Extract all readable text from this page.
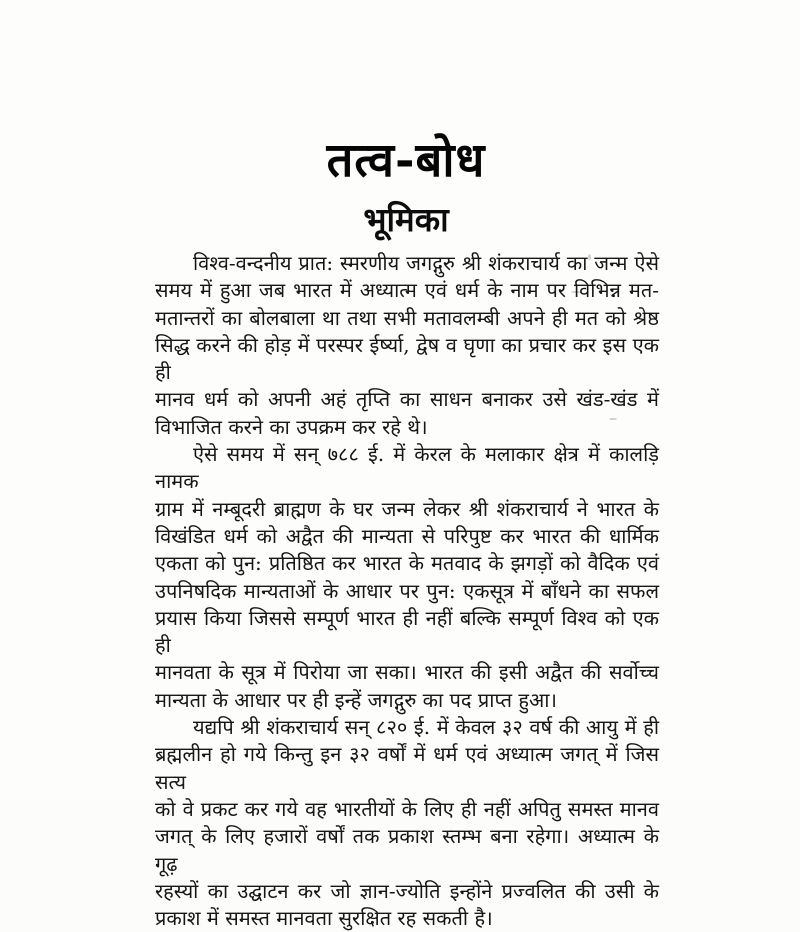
तत्व-बोध
भूमिका
विश्व-वन्दनीय प्रात: स्मरणीय जगद्गुरु श्री शंकराचार्य का जन्म ऐसे
समय में हुआ जब भारत में अध्यात्म एवं धर्म के नाम पर विभिन्न मत-
मतान्तरों का बोलबाला था तथा सभी मतावलम्बी अपने ही मत को श्रेष्ठ
सिद्ध करने की होड़ में परस्पर ईर्ष्या, द्वेष व घृणा का प्रचार कर इस एक ही
मानव धर्म को अपनी अहं तृप्ति का साधन बनाकर उसे खंड-खंड में
विभाजित करने का उपक्रम कर रहे थे।
ऐसे समय में सन् ७८८ ई. में केरल के मलाकार क्षेत्र में कालड़ि नामक
ग्राम में नम्बूदरी ब्राह्मण के घर जन्म लेकर श्री शंकराचार्य ने भारत के
विखंडित धर्म को अद्वैत की मान्यता से परिपुष्ट कर भारत की धार्मिक
एकता को पुन: प्रतिष्ठित कर भारत के मतवाद के झगड़ों को वैदिक एवं
उपनिषदिक मान्यताओं के आधार पर पुन: एकसूत्र में बाँधने का सफल
प्रयास किया जिससे सम्पूर्ण भारत ही नहीं बल्कि सम्पूर्ण विश्व को एक ही
मानवता के सूत्र में पिरोया जा सका। भारत की इसी अद्वैत की सर्वोच्च
मान्यता के आधार पर ही इन्हें जगद्गुरु का पद प्राप्त हुआ।
यद्यपि श्री शंकराचार्य सन् ८२० ई. में केवल ३२ वर्ष की आयु में ही
ब्रह्मलीन हो गये किन्तु इन ३२ वर्षों में धर्म एवं अध्यात्म जगत् में जिस सत्य
को वे प्रकट कर गये वह भारतीयों के लिए ही नहीं अपितु समस्त मानव
जगत् के लिए हजारों वर्षों तक प्रकाश स्तम्भ बना रहेगा। अध्यात्म के गूढ़
रहस्यों का उद्घाटन कर जो ज्ञान-ज्योति इन्होंने प्रज्वलित की उसी के
प्रकाश में समस्त मानवता सुरक्षित रह सकती है।
